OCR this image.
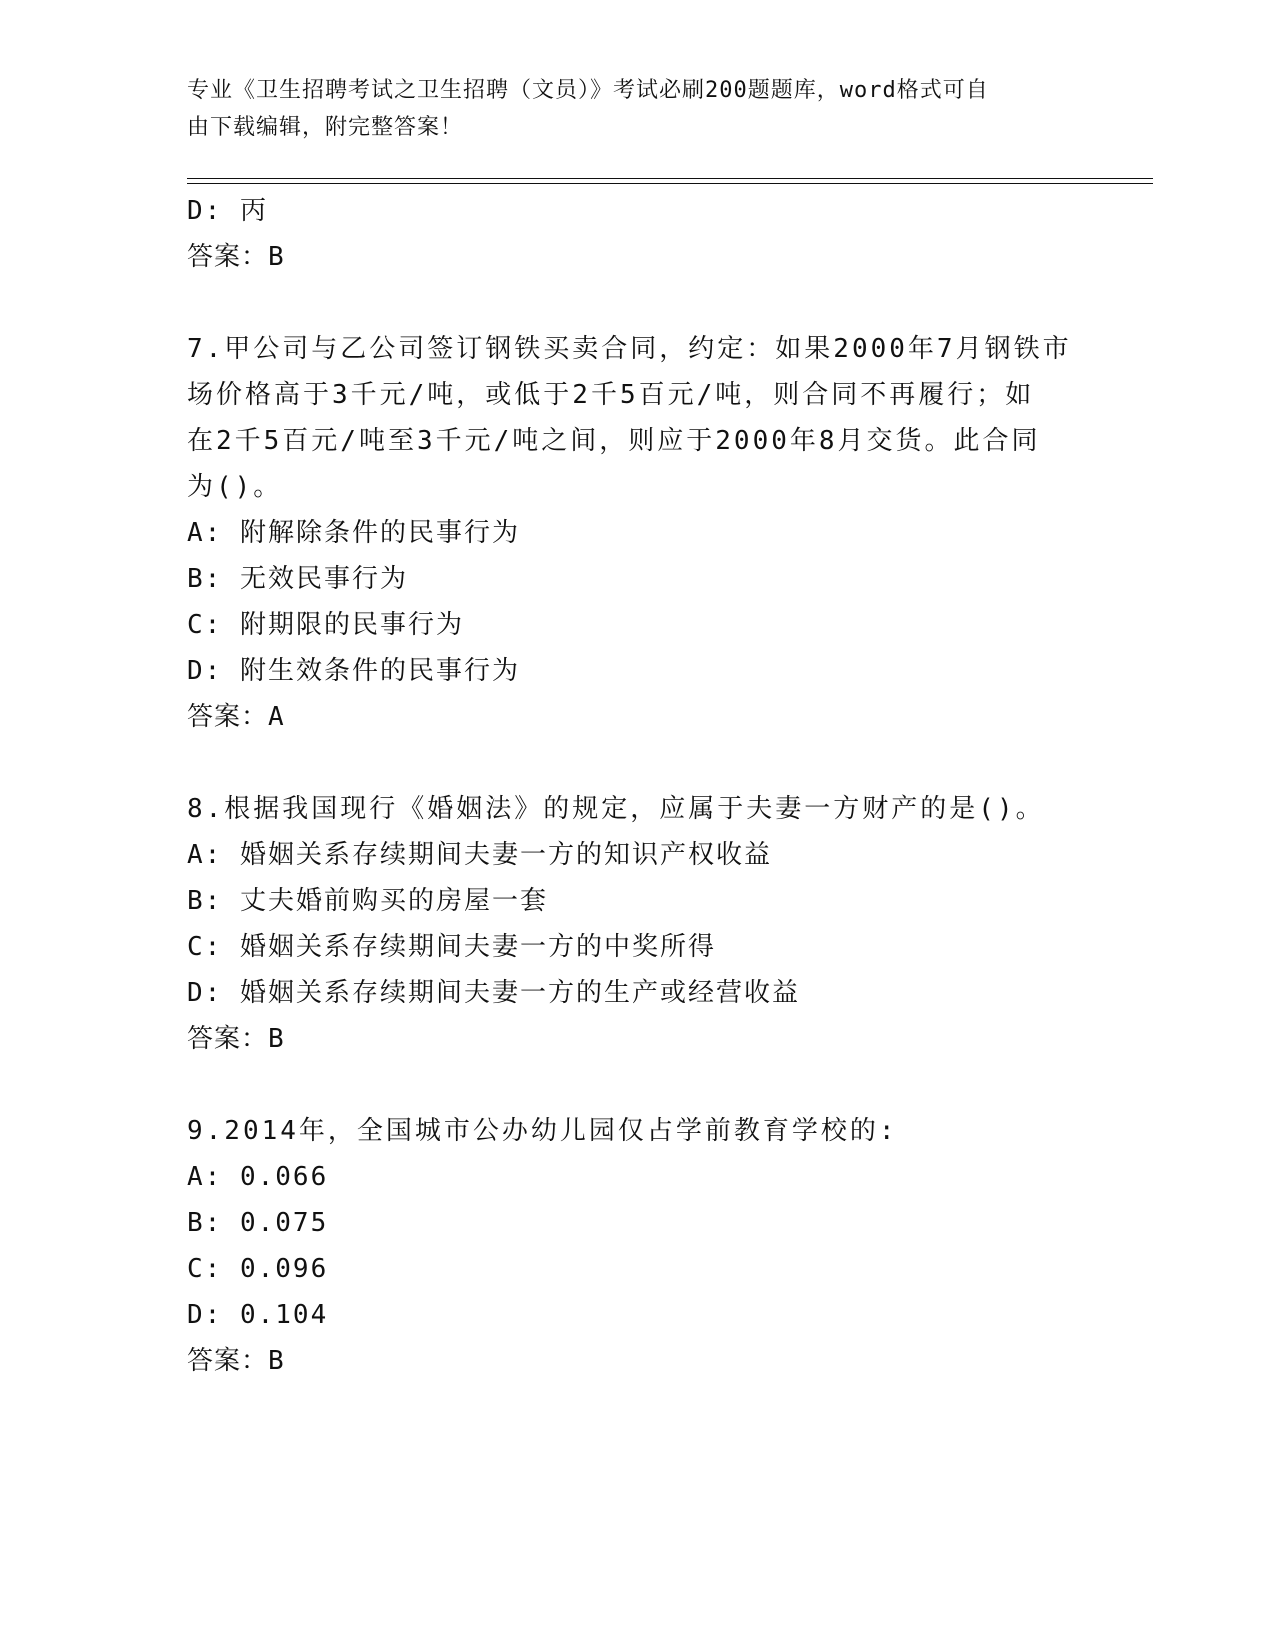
专业《卫生招聘考试之卫生招聘（文员）》考试必刷200题题库，word格式可自
由下载编辑，附完整答案！
D: 丙
答案：B
7.甲公司与乙公司签订钢铁买卖合同，约定：如果2000年7月钢铁市
场价格高于3千元/吨，或低于2千5百元/吨，则合同不再履行；如
在2千5百元/吨至3千元/吨之间，则应于2000年8月交货。此合同
为()。
A: 附解除条件的民事行为
B: 无效民事行为
C: 附期限的民事行为
D: 附生效条件的民事行为
答案：A
8.根据我国现行《婚姻法》的规定，应属于夫妻一方财产的是()。
A: 婚姻关系存续期间夫妻一方的知识产权收益
B: 丈夫婚前购买的房屋一套
C: 婚姻关系存续期间夫妻一方的中奖所得
D: 婚姻关系存续期间夫妻一方的生产或经营收益
答案：B
9.2014年，全国城市公办幼儿园仅占学前教育学校的:
A: 0.066
B: 0.075
C: 0.096
D: 0.104
答案：B
